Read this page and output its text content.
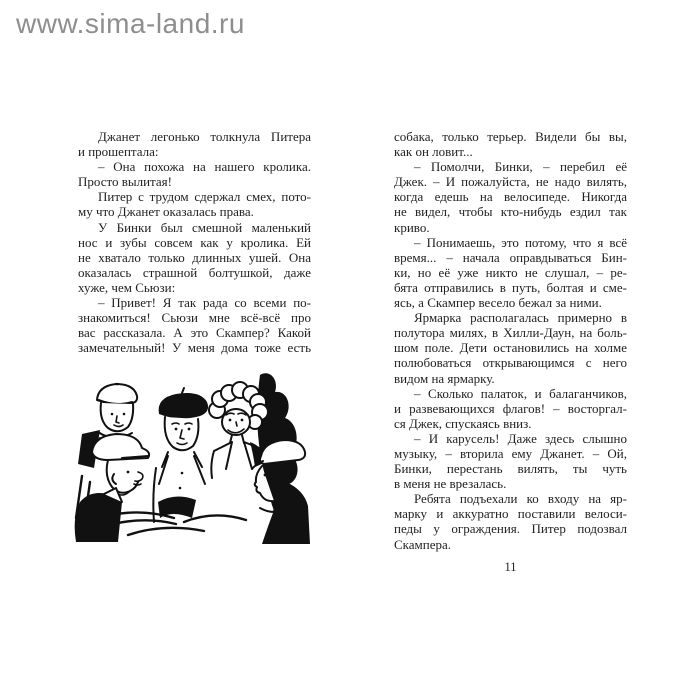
www.sima-land.ru
Джанет легонько толкнула Питера
и прошептала:
– Она похожа на нашего кролика.
Просто вылитая!
Питер с трудом сдержал смех, пото-
му что Джанет оказалась права.
У Бинки был смешной маленький
нос и зубы совсем как у кролика. Ей
не хватало только длинных ушей. Она
оказалась страшной болтушкой, даже
хуже, чем Сьюзи:
– Привет! Я так рада со всеми по-
знакомиться! Сьюзи мне всё-всё про
вас рассказала. А это Скампер? Какой
замечательный! У меня дома тоже есть
собака, только терьер. Видели бы вы,
как он ловит...
– Помолчи, Бинки, – перебил её
Джек. – И пожалуйста, не надо вилять,
когда едешь на велосипеде. Никогда
не видел, чтобы кто-нибудь ездил так
криво.
– Понимаешь, это потому, что я всё
время... – начала оправдываться Бин-
ки, но её уже никто не слушал, – ре-
бята отправились в путь, болтая и сме-
ясь, а Скампер весело бежал за ними.
Ярмарка располагалась примерно в
полутора милях, в Хилли-Даун, на боль-
шом поле. Дети остановились на холме
полюбоваться открывающимся с него
видом на ярмарку.
– Сколько палаток, и балаганчиков,
и развевающихся флагов! – восторгал-
ся Джек, спускаясь вниз.
– И карусель! Даже здесь слышно
музыку, – вторила ему Джанет. – Ой,
Бинки, перестань вилять, ты чуть
в меня не врезалась.
Ребята подъехали ко входу на яр-
марку и аккуратно поставили велоси-
педы у ограждения. Питер подозвал
Скампера.
11
